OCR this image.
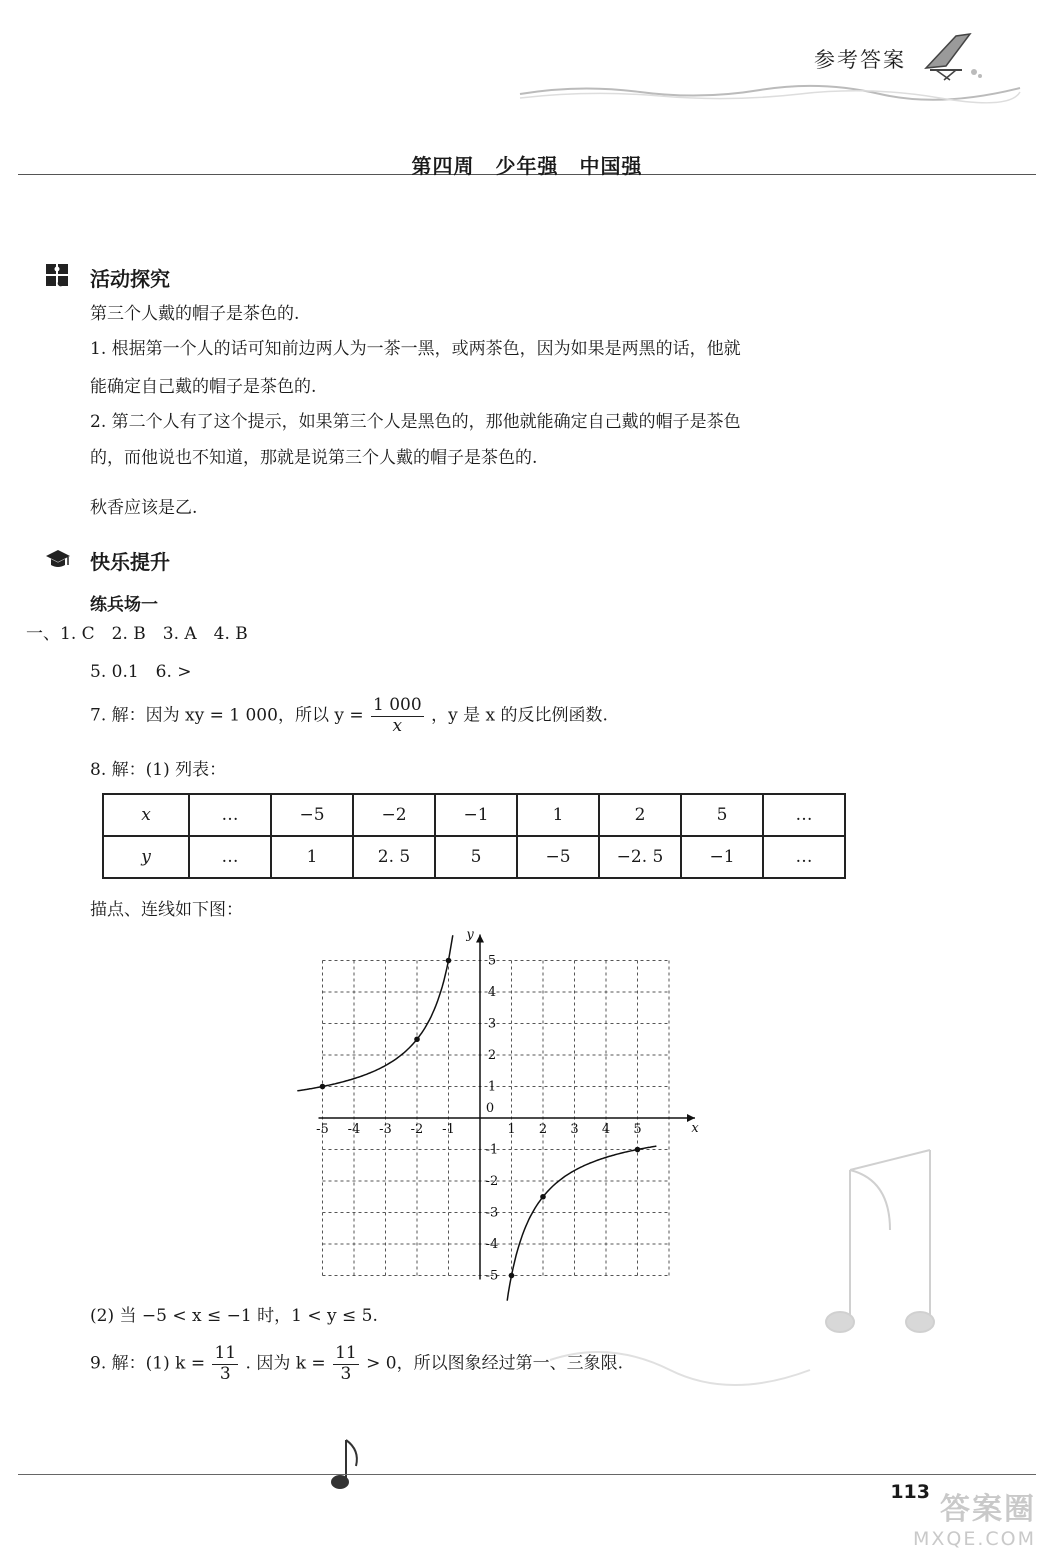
参考答案
第四周　少年强　中国强
活动探究
第三个人戴的帽子是茶色的.
1. 根据第一个人的话可知前边两人为一茶一黑，或两茶色，因为如果是两黑的话，他就
能确定自己戴的帽子是茶色的.
2. 第二个人有了这个提示，如果第三个人是黑色的，那他就能确定自己戴的帽子是茶色
的，而他说也不知道，那就是说第三个人戴的帽子是茶色的.
秋香应该是乙.
快乐提升
练兵场一
一、1. C　2. B　3. A　4. B
5. 0.1　6. >
7. 解：因为 xy = 1 000，所以 $y = \frac{1 000}{x}$ ，y 是 x 的反比例函数.
8. 解：(1) 列表：
x	…	−5	−2	−1	1	2	5	…
y	…	1	2. 5	5	−5	−2. 5	−1	…
描点、连线如下图：
x
y
0
-5 -4 -3 -2 -1	1 2 3 4 5
5
4
3
2
1
-1
-2
-3
-4
-5
(2) 当 −5 < x ≤ −1 时，1 < y ≤ 5.
9. 解：(1) $k = \frac{11}{3}$ . 因为 $k = \frac{11}{3} > 0$，所以图象经过第一、三象限.
113 答案圈
MXQE.COM
